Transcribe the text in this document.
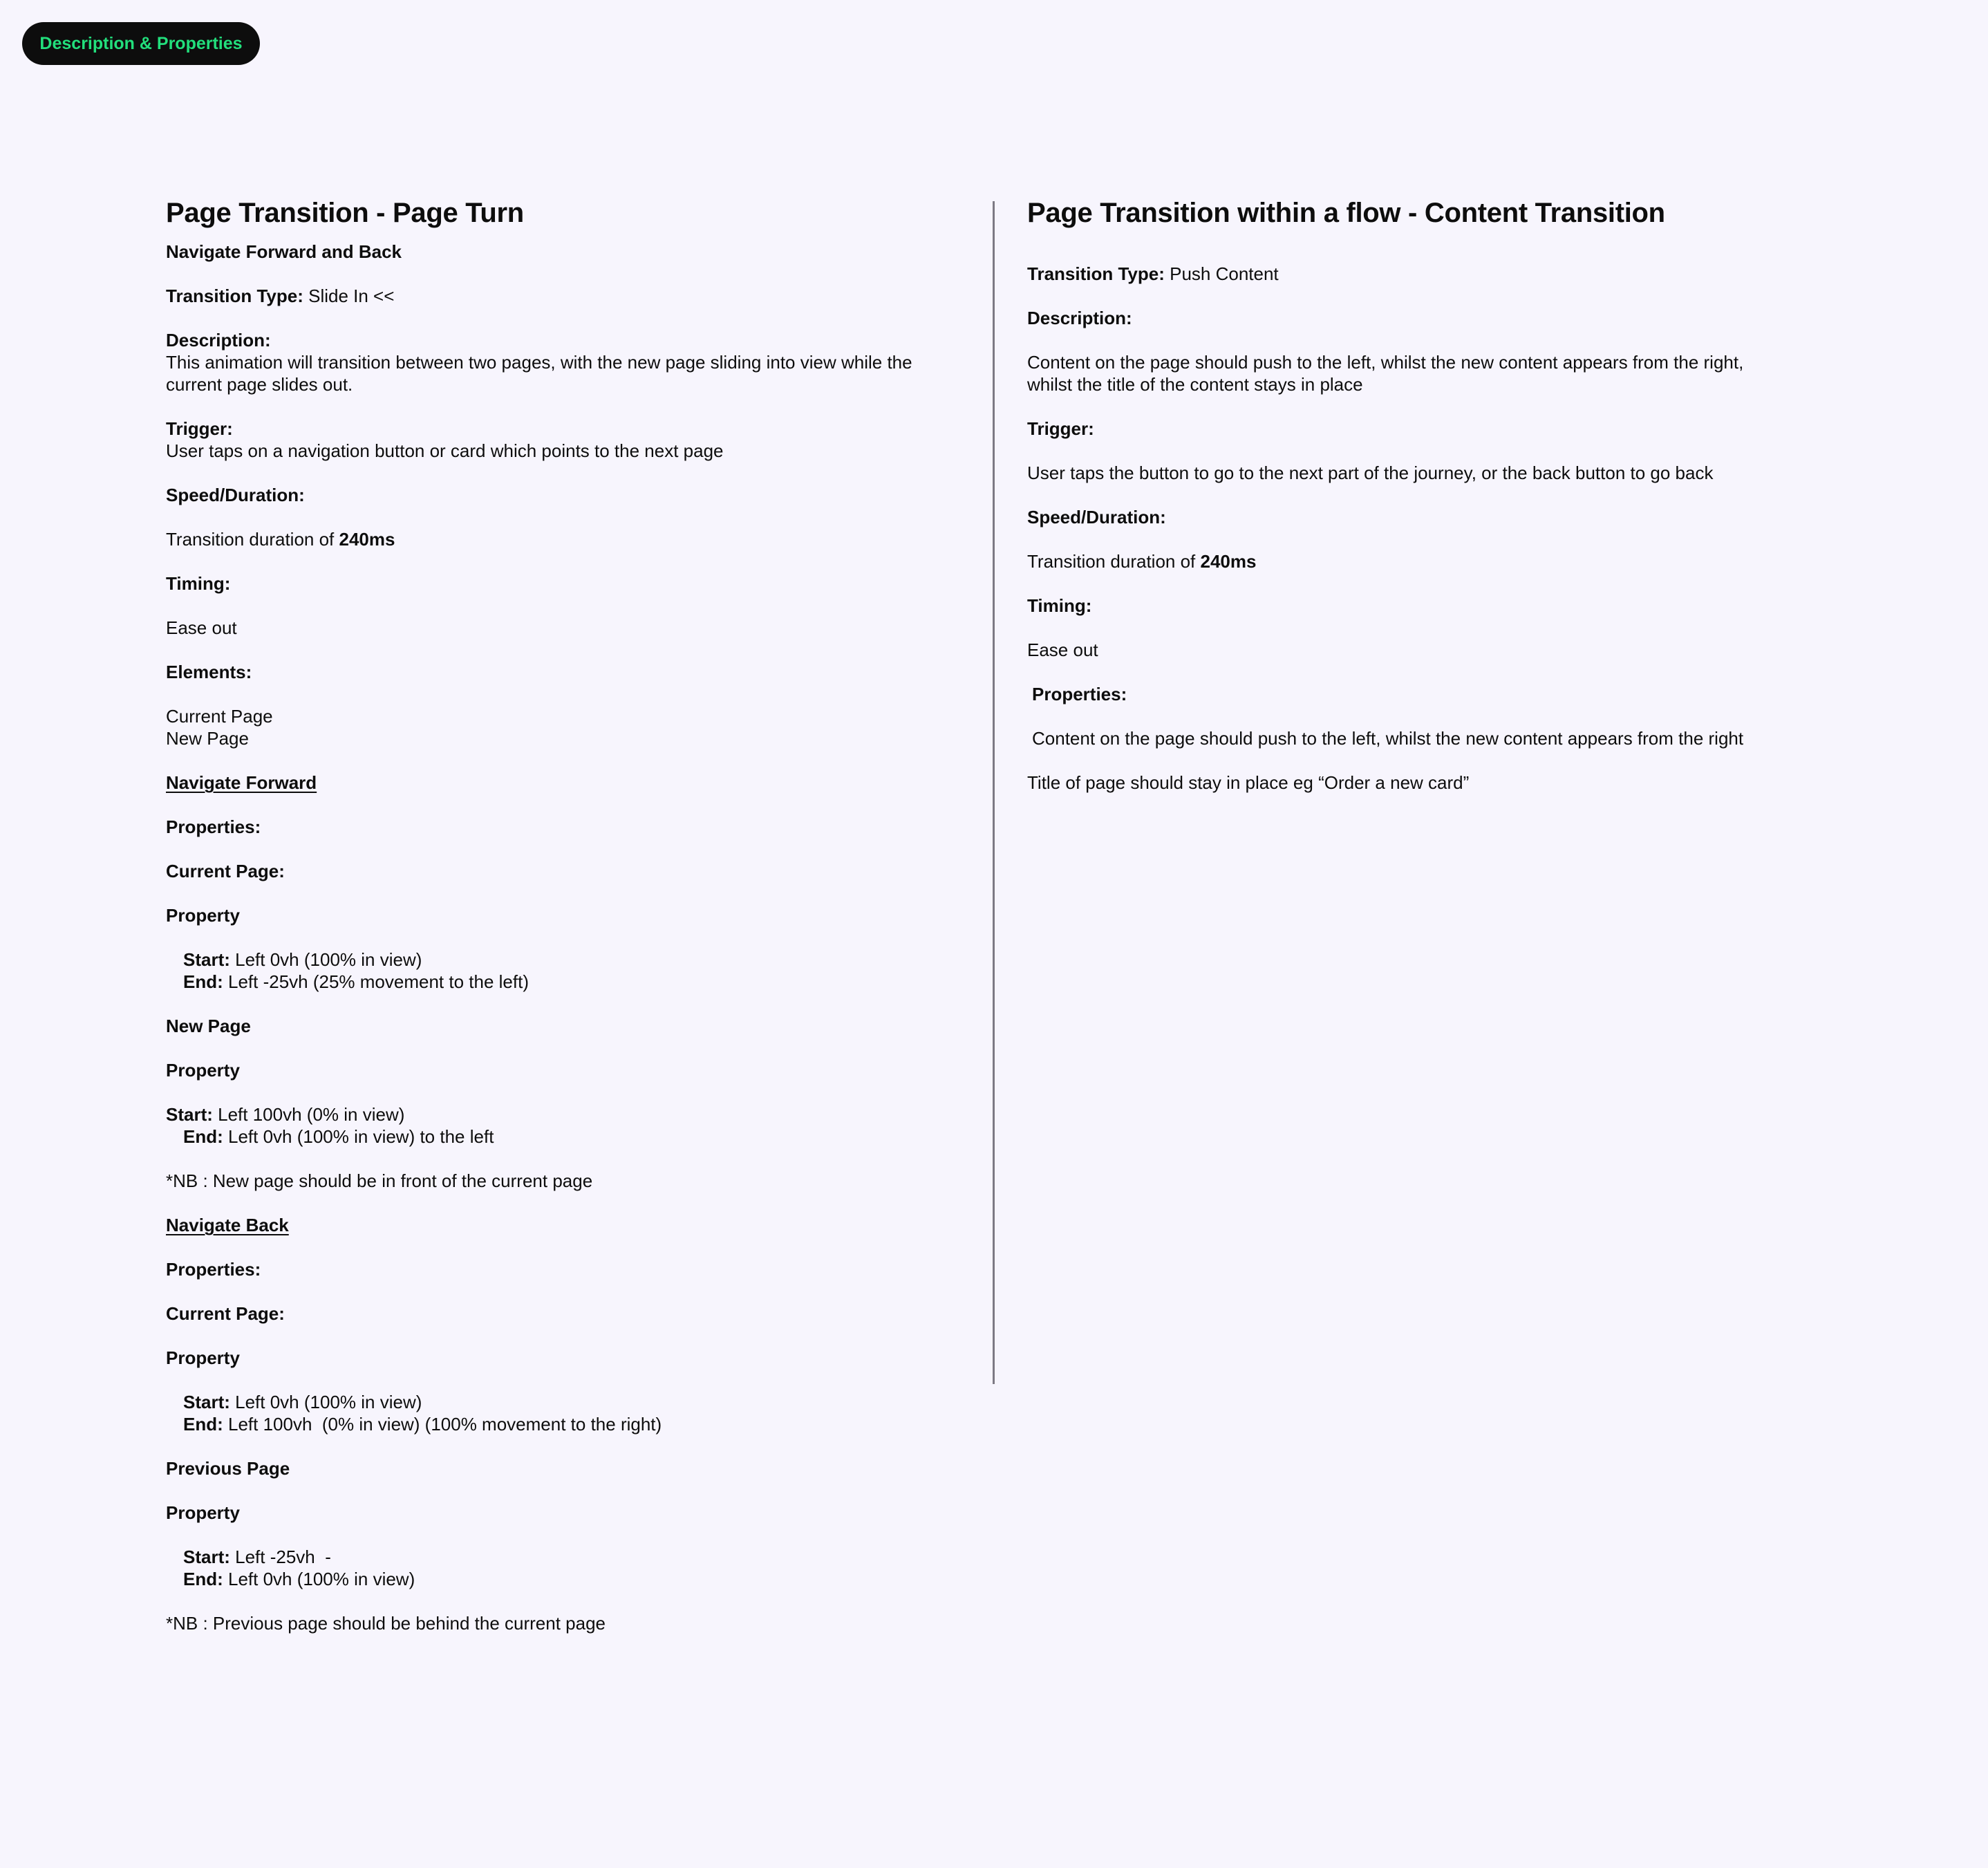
Description & Properties
Page Transition - Page Turn
Navigate Forward and Back
Transition Type: Slide In <<
Description:
This animation will transition between two pages, with the new page sliding into view while the
current page slides out.
Trigger:
User taps on a navigation button or card which points to the next page
Speed/Duration:
Transition duration of 240ms
Timing:
Ease out
Elements:
Current Page
New Page
Navigate Forward
Properties:
Current Page:
Property
Start: Left 0vh (100% in view)
End: Left -25vh (25% movement to the left)
New Page
Property
Start: Left 100vh (0% in view)
End: Left 0vh (100% in view) to the left
*NB : New page should be in front of the current page
Navigate Back
Properties:
Current Page:
Property
Start: Left 0vh (100% in view)
End: Left 100vh  (0% in view) (100% movement to the right)
Previous Page
Property
Start: Left -25vh  -
End: Left 0vh (100% in view)
*NB : Previous page should be behind the current page
Page Transition within a flow - Content Transition
Transition Type: Push Content
Description:
Content on the page should push to the left, whilst the new content appears from the right,
whilst the title of the content stays in place
Trigger:
User taps the button to go to the next part of the journey, or the back button to go back
Speed/Duration:
Transition duration of 240ms
Timing:
Ease out
Properties:
Content on the page should push to the left, whilst the new content appears from the right
Title of page should stay in place eg “Order a new card”
